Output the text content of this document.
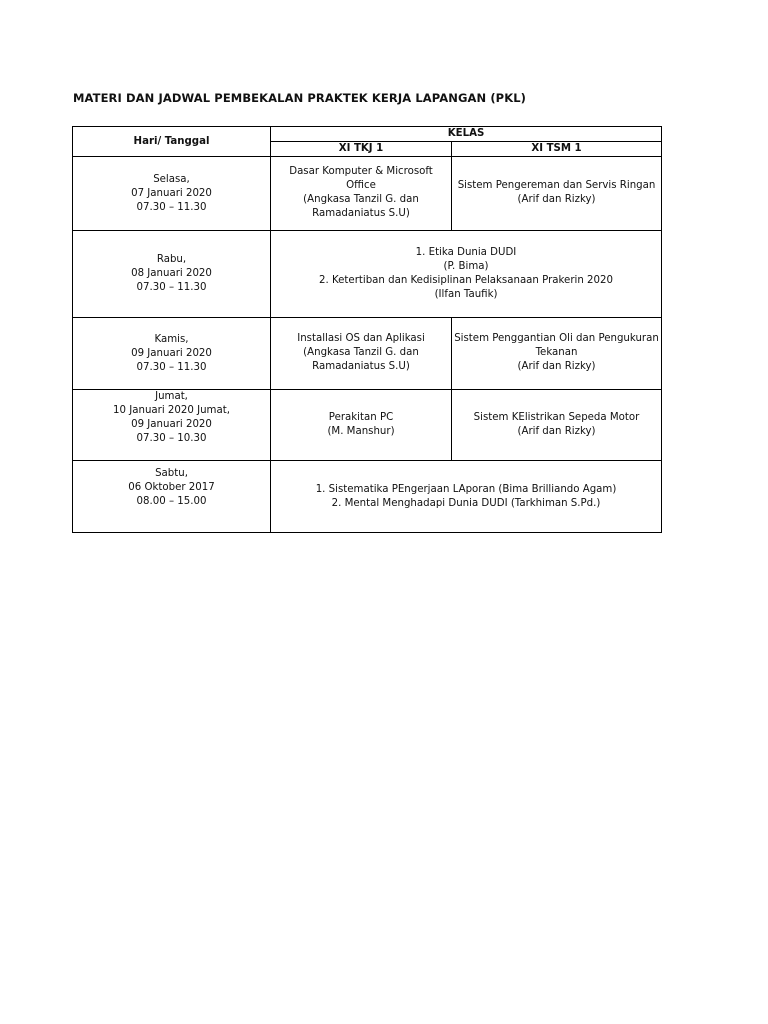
MATERI DAN JADWAL PEMBEKALAN PRAKTEK KERJA LAPANGAN (PKL)
Hari/ Tanggal	KELAS	
	XI TKJ 1	XI TSM 1

Selasa,
07 Januari 2020
07.30 – 11.30	Dasar Komputer & Microsoft
Office
(Angkasa Tanzil G. dan
Ramadaniatus S.U)	Sistem Pengereman dan Servis Ringan
(Arif dan Rizky)

Rabu,
08 Januari 2020
07.30 – 11.30	1. Etika Dunia DUDI
(P. Bima)
2. Ketertiban dan Kedisiplinan Pelaksanaan Prakerin 2020
(Ilfan Taufik)	

Kamis,
09 Januari 2020
07.30 – 11.30	Installasi OS dan Aplikasi
(Angkasa Tanzil G. dan
Ramadaniatus S.U)	Sistem Penggantian Oli dan Pengukuran
Tekanan
(Arif dan Rizky)

Jumat,
10 Januari 2020 Jumat,
09 Januari 2020
07.30 – 10.30	Perakitan PC
(M. Manshur)	Sistem KElistrikan Sepeda Motor
(Arif dan Rizky)

Sabtu,
06 Oktober 2017
08.00 – 15.00	1. Sistematika PEngerjaan LAporan (Bima Brilliando Agam)
2. Mental Menghadapi Dunia DUDI (Tarkhiman S.Pd.)	
